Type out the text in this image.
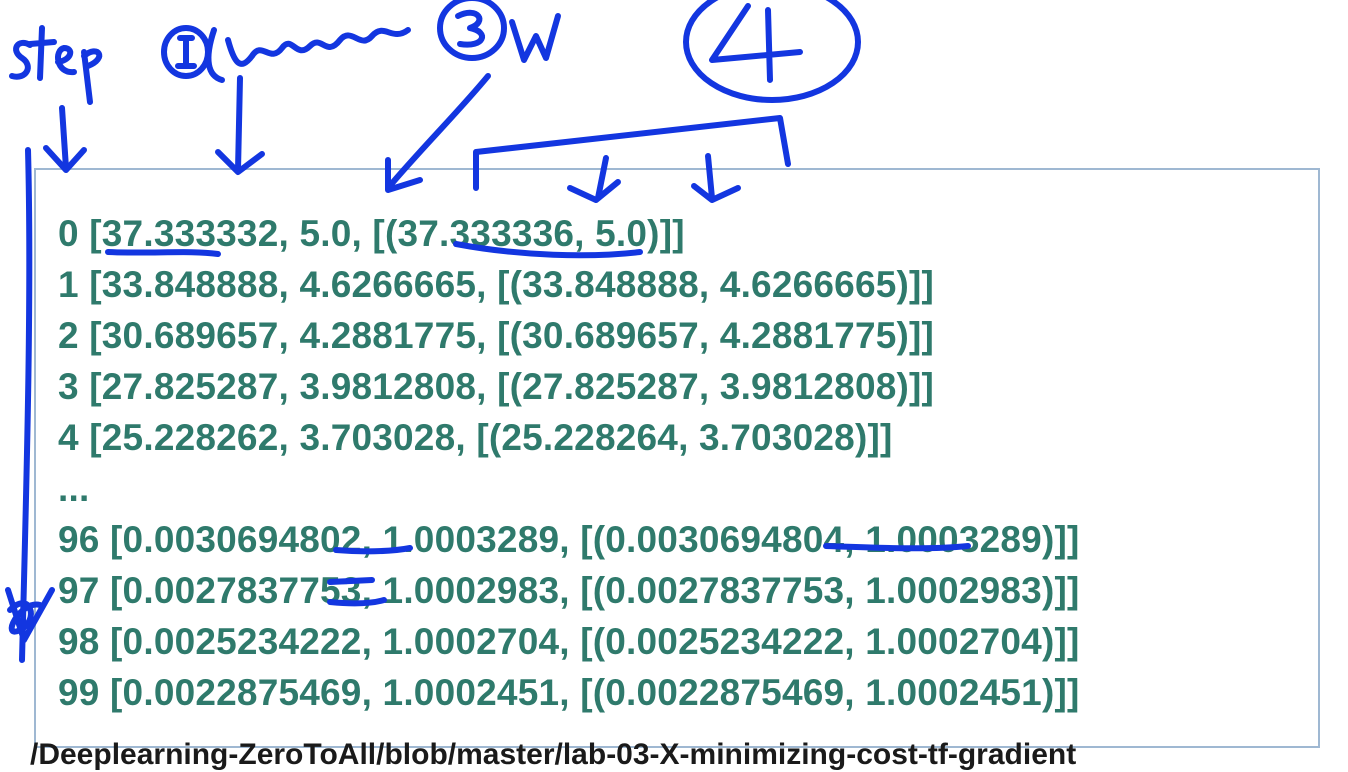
0 [37.333332, 5.0, [(37.333336, 5.0)]]
1 [33.848888, 4.6266665, [(33.848888, 4.6266665)]]
2 [30.689657, 4.2881775, [(30.689657, 4.2881775)]]
3 [27.825287, 3.9812808, [(27.825287, 3.9812808)]]
4 [25.228262, 3.703028, [(25.228264, 3.703028)]]
...
96 [0.0030694802, 1.0003289, [(0.0030694804, 1.0003289)]]
97 [0.0027837753, 1.0002983, [(0.0027837753, 1.0002983)]]
98 [0.0025234222, 1.0002704, [(0.0025234222, 1.0002704)]]
99 [0.0022875469, 1.0002451, [(0.0022875469, 1.0002451)]]
/Deeplearning-ZeroToAll/blob/master/lab-03-X-minimizing-cost-tf-gradient
